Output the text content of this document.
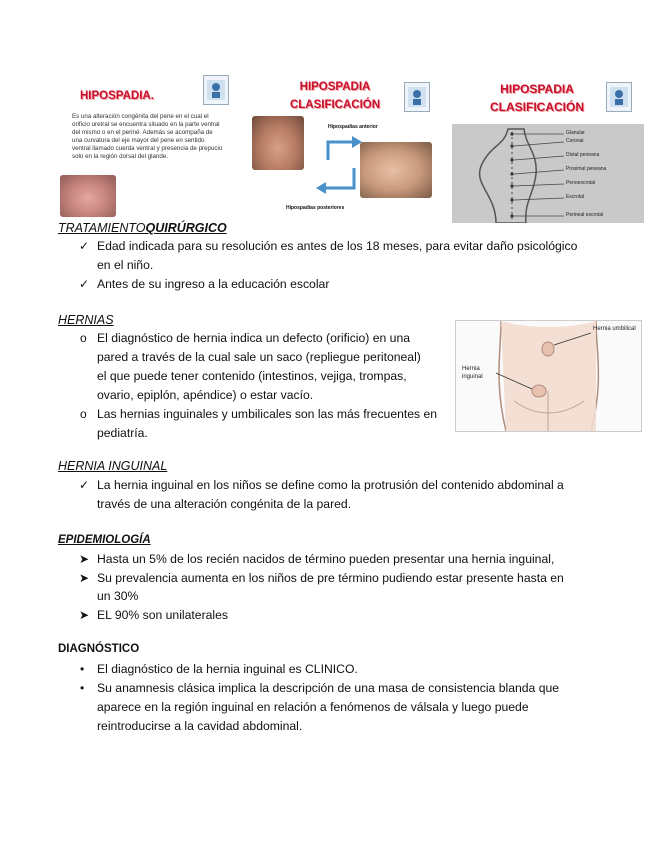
HIPOSPADIA.
Es una alteración congénita del pene en el cual el orificio uretral se encuentra situado en la parte ventral del mismo o en el periné. Además se acompaña de una curvatura del eje mayor del pene en sentido ventral llamado cuerda ventral y presencia de prepucio solo en la región dorsal del glande.
HIPOSPADIA CLASIFICACIÓN
Hipospadias anterior
Hipospadias posteriores
HIPOSPADIA CLASIFICACIÓN
Glanular
Coronal
Distal peneana
Proximal peneana
Penoescrotal
Escrotal
Perineal escrotal
TRATAMIENTOQUIRÚRGICO
✓ Edad indicada para su resolución es antes de los 18 meses, para evitar daño psicológico
en el niño.
✓ Antes de su ingreso a la educación escolar
HERNIAS
o El diagnóstico de hernia indica un defecto (orificio) en una
pared a través de la cual sale un saco (repliegue peritoneal)
el que puede tener contenido (intestinos, vejiga, trompas,
ovario, epiplón, apéndice) o estar vacío.
o Las hernias inguinales y umbilicales son las más frecuentes en
pediatría.
Hernia umbilical
Hernia inguinal
HERNIA INGUINAL
✓ La hernia inguinal en los niños se define como la protrusión del contenido abdominal a
través de una alteración congénita de la pared.
EPIDEMIOLOGÍA
➤ Hasta un 5% de los recién nacidos de término pueden presentar una hernia inguinal,
➤ Su prevalencia aumenta en los niños de pre término pudiendo estar presente hasta en
un 30%
➤ EL 90% son unilaterales
DIAGNÓSTICO
• El diagnóstico de la hernia inguinal es CLINICO.
• Su anamnesis clásica implica la descripción de una masa de consistencia blanda que
aparece en la región inguinal en relación a fenómenos de válsala y luego puede
reintroducirse a la cavidad abdominal.
